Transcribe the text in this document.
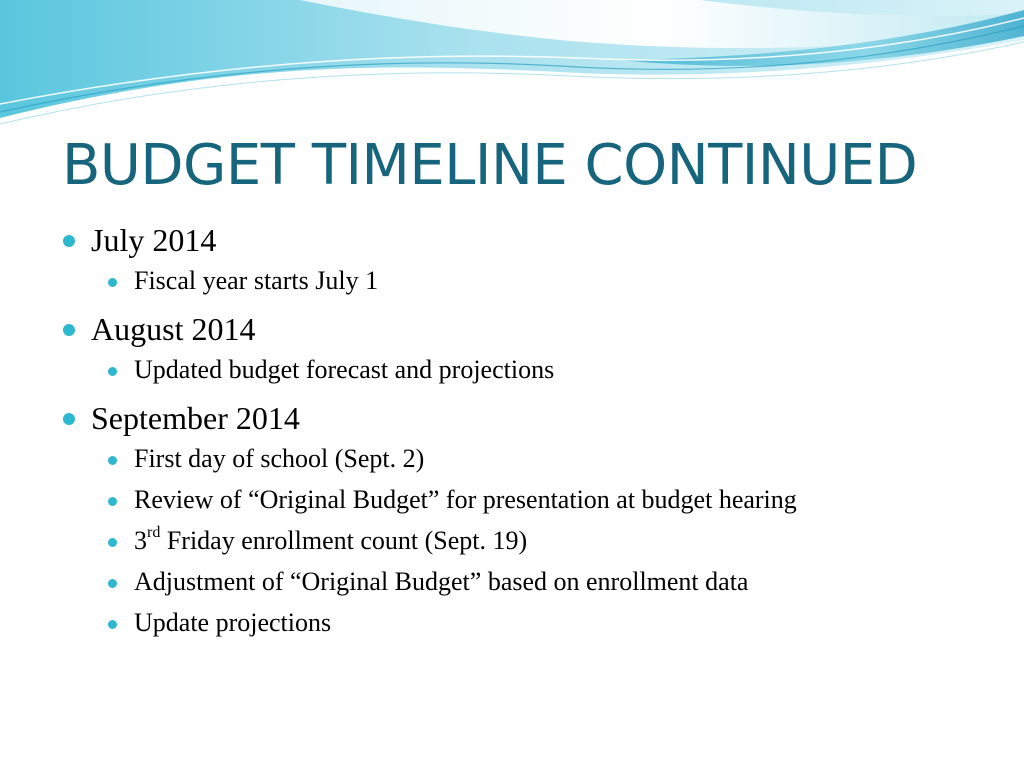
BUDGET TIMELINE CONTINUED
July 2014
Fiscal year starts July 1
August 2014
Updated budget forecast and projections
September 2014
First day of school (Sept. 2)
Review of “Original Budget” for presentation at budget hearing
3rd Friday enrollment count (Sept. 19)
Adjustment of “Original Budget” based on enrollment data
Update projections
